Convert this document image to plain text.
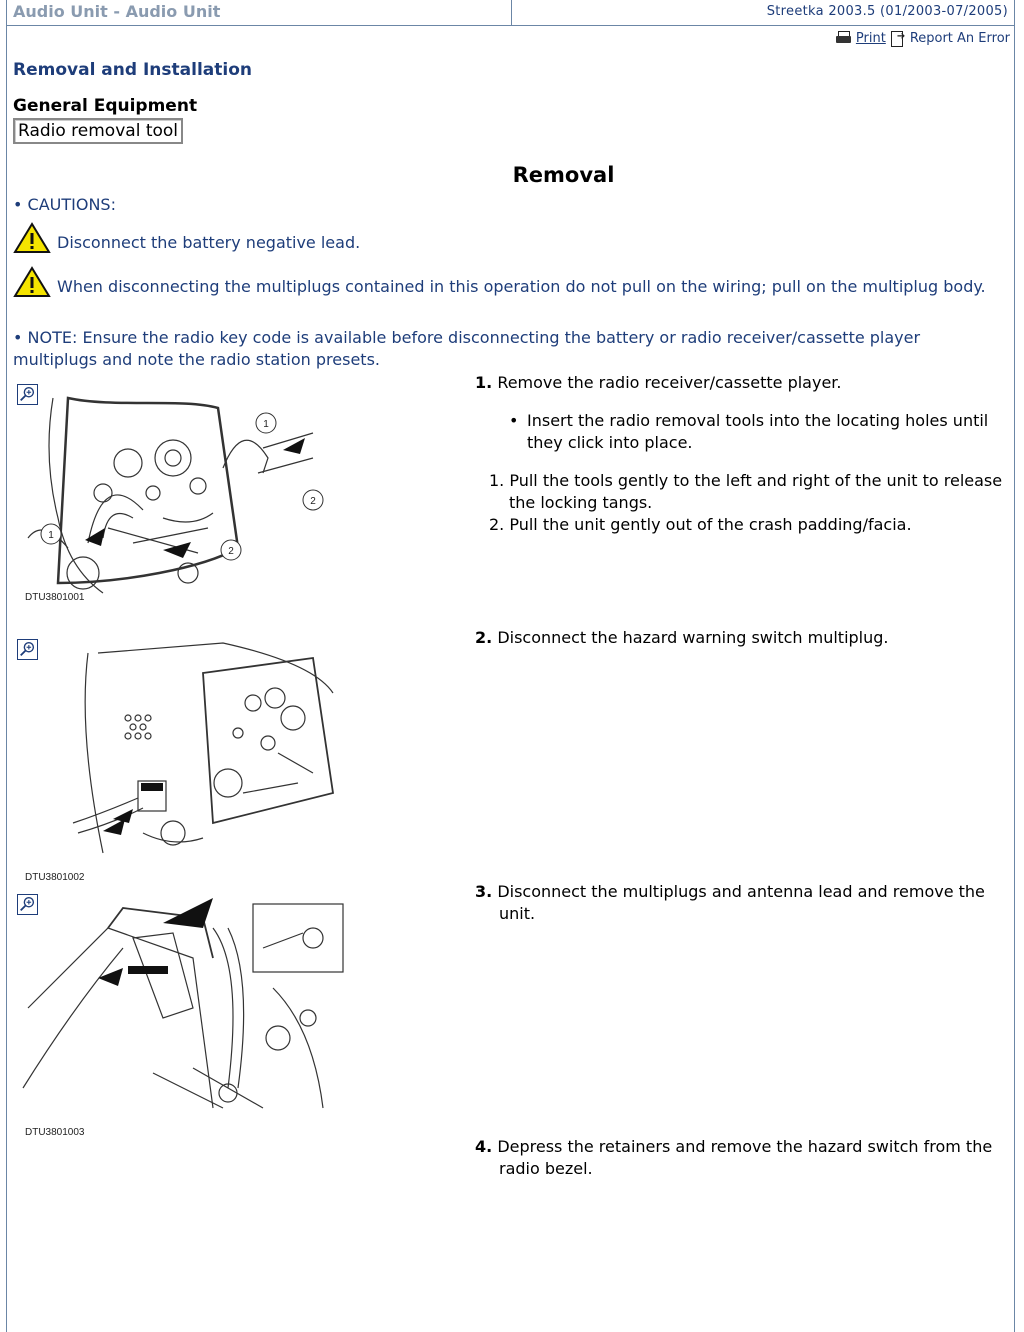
Audio Unit - Audio Unit	Streetka 2003.5 (01/2003-07/2005)
Print
➔ Report An Error
Removal and Installation
General Equipment
Radio removal tool
Removal
• CAUTIONS:
Disconnect the battery negative lead.
When disconnecting the multiplugs contained in this operation do not pull on the wiring; pull on the multiplug body.
• NOTE: Ensure the radio key code is available before disconnecting the battery or radio receiver/cassette player multiplugs and note the radio station presets.
1
2
1
2
DTU3801001
1. Remove the radio receiver/cassette player.
• Insert the radio removal tools into the locating holes until they click into place.
1. Pull the tools gently to the left and right of the unit to release the locking tangs.
2. Pull the unit gently out of the crash padding/facia.
DTU3801002
2. Disconnect the hazard warning switch multiplug.
DTU3801003
3. Disconnect the multiplugs and antenna lead and remove the unit.
4. Depress the retainers and remove the hazard switch from the radio bezel.
